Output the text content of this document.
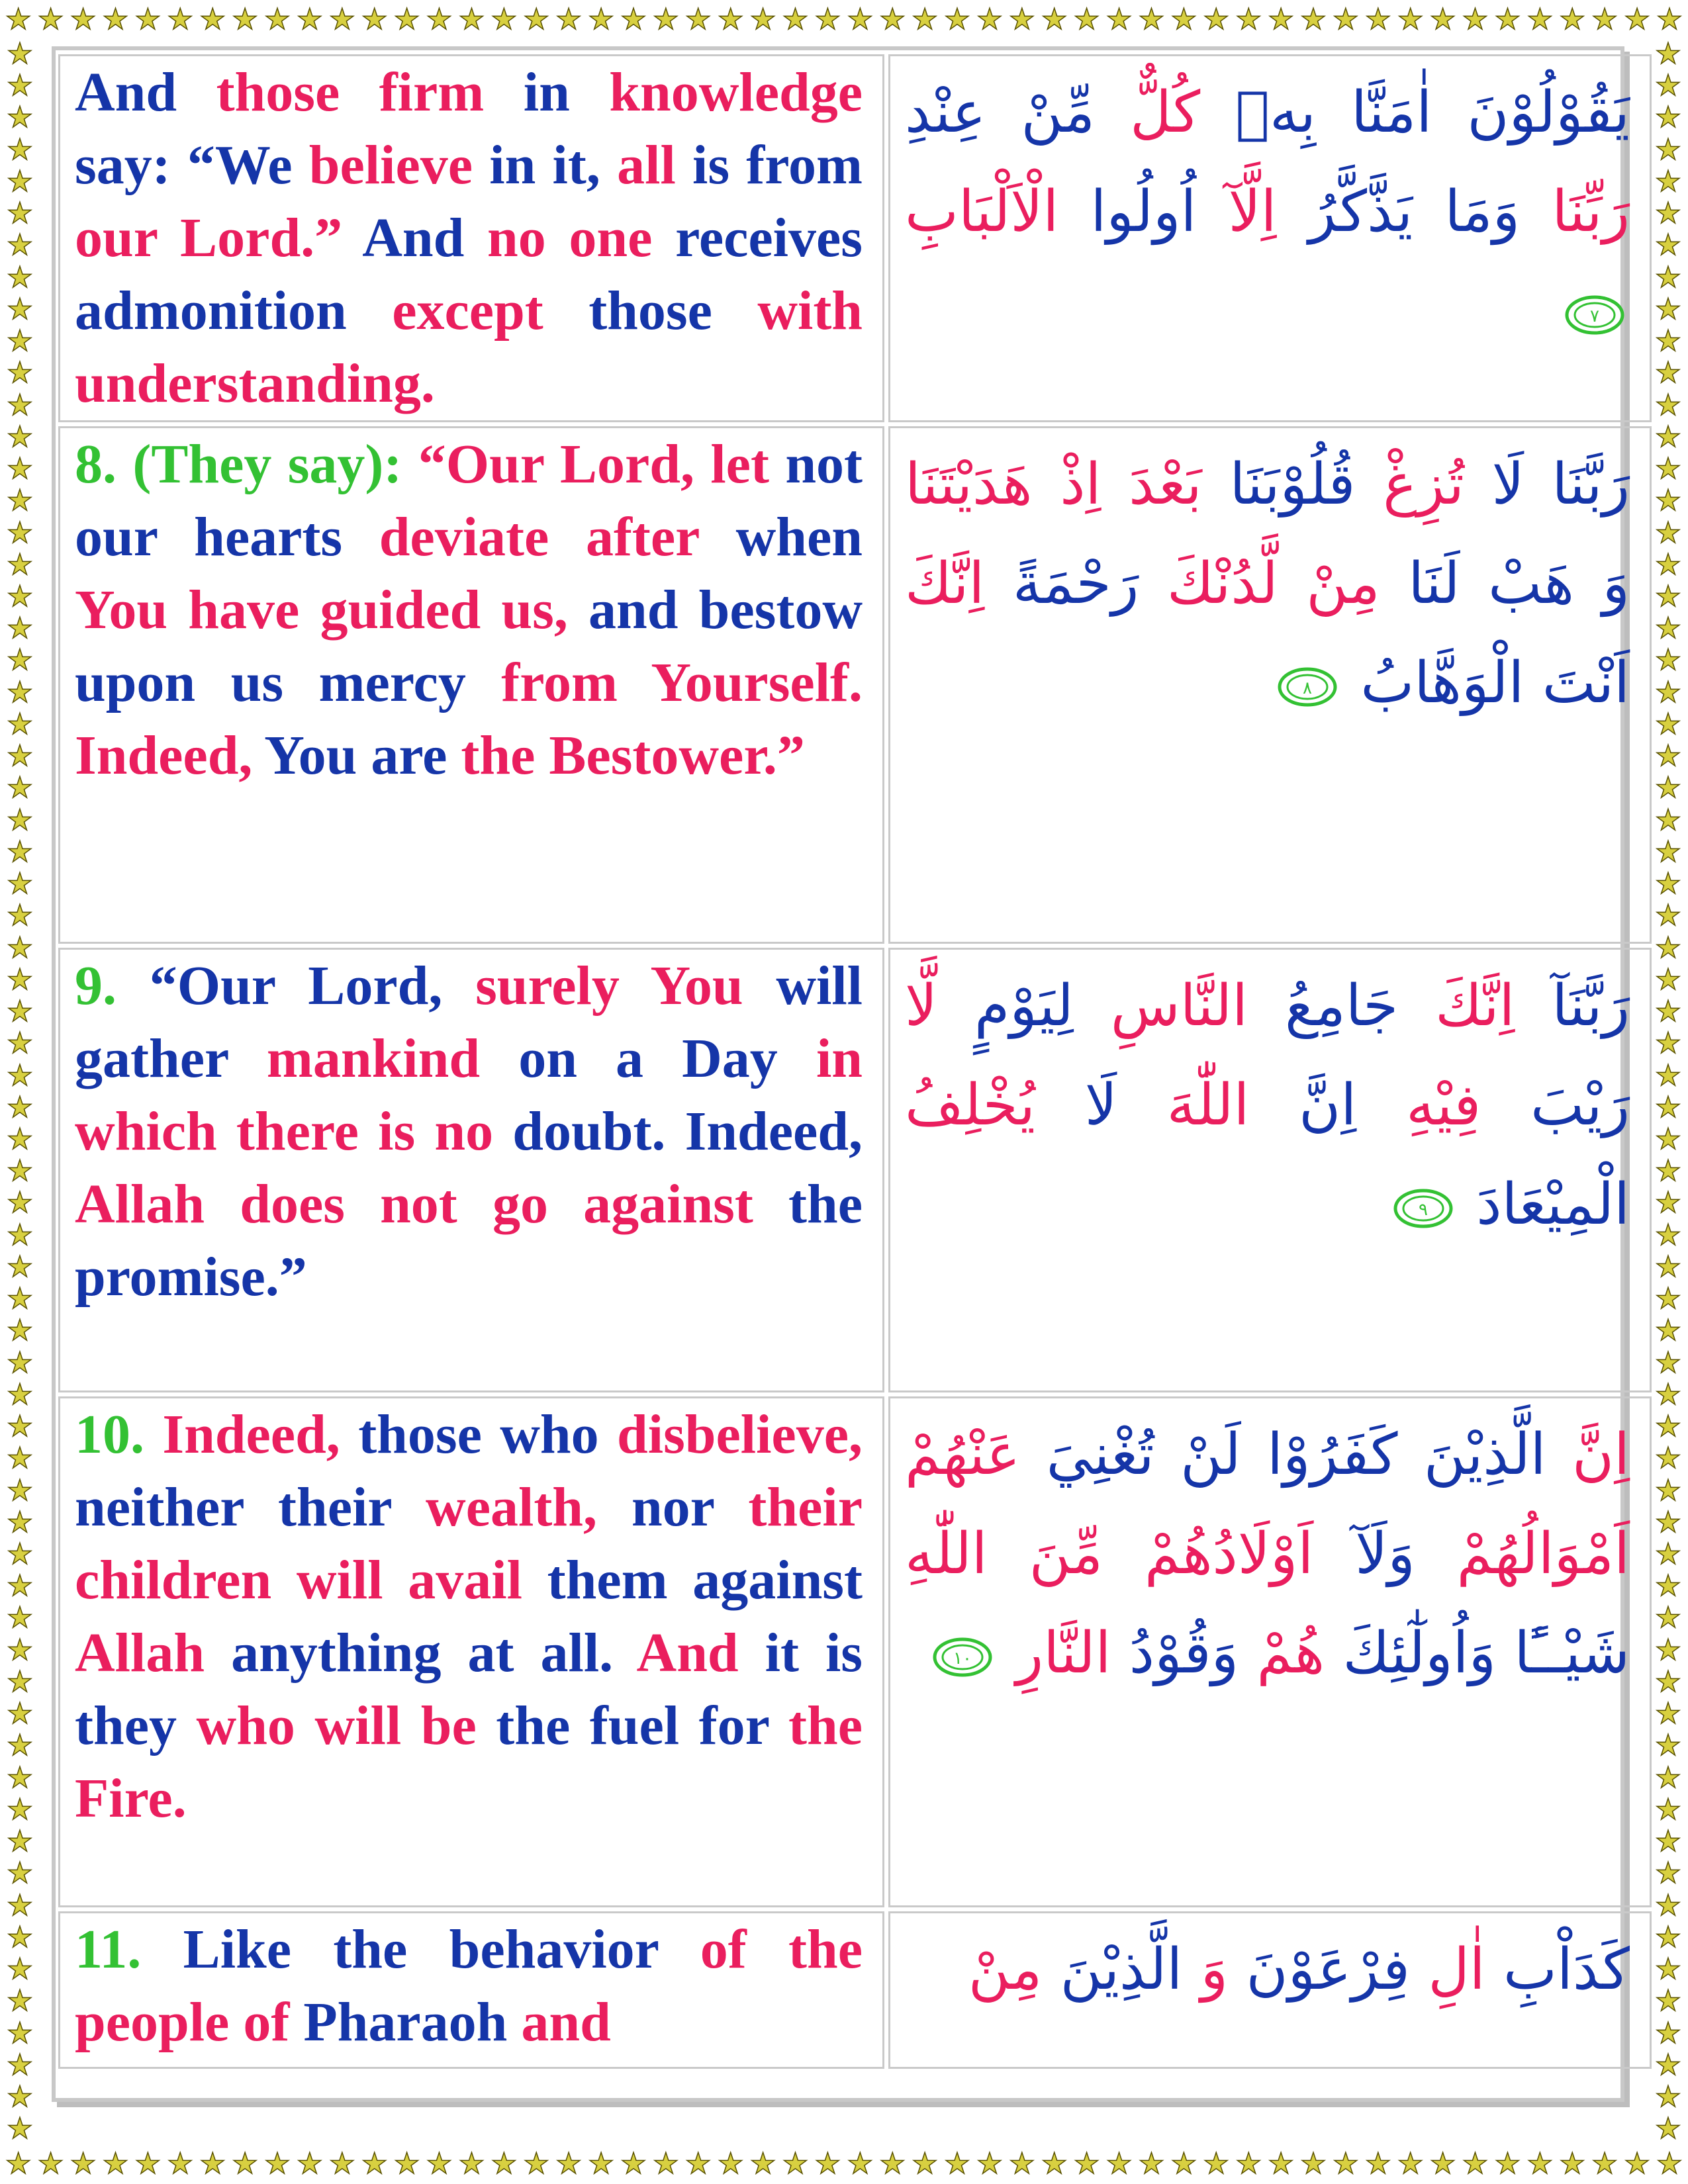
★ ★ ★ ★ ★ ★ ★ ★ ★ ★ ★ ★ ★ ★ ★ ★ ★ ★ ★ ★ ★ ★ ★ ★ ★ ★ ★ ★ ★ ★ ★ ★ ★ ★ ★ ★ ★ ★ ★ ★ ★ ★ ★ ★ ★ ★ ★ ★ ★ ★ ★ ★
★ ★ ★ ★ ★ ★ ★ ★ ★ ★ ★ ★ ★ ★ ★ ★ ★ ★ ★ ★ ★ ★ ★ ★ ★ ★ ★ ★ ★ ★ ★ ★ ★ ★ ★ ★ ★ ★ ★ ★ ★ ★ ★ ★ ★ ★ ★ ★ ★ ★ ★ ★
★
★
★
★
★
★
★
★
★
★
★
★
★
★
★
★
★
★
★
★
★
★
★
★
★
★
★
★
★
★
★
★
★
★
★
★
★
★
★
★
★
★
★
★
★
★
★
★
★
★
★
★
★
★
★
★
★
★
★
★
★
★
★
★
★
★
★
★
★
★
★
★
★
★
★
★
★
★
★
★
★
★
★
★
★
★
★
★
★
★
★
★
★
★
★
★
★
★
★
★
★
★
★
★
★
★
★
★
★
★
★
★
★
★
★
★
★
★
★
★
★
★
★
★
★
★
★
★
★
★
★
★

And those firm in knowledge say: “We believe in it, all is from our Lord.” And no one receives admonition except those with understanding.	يَقُوْلُوْنَ اٰمَنَّا بِهٖ كُلٌّ مِّنْ عِنْدِ رَبِّنَا وَمَا يَذَّكَّرُ اِلَّآ اُولُوا الْاَلْبَابِ
٧

8. (They say): “Our Lord, let not our hearts deviate after when You have guided us, and bestow upon us mercy from Yourself. Indeed, You are the Bestower.”	رَبَّنَا لَا تُزِغْ قُلُوْبَنَا بَعْدَ اِذْ هَدَيْتَنَا وَ هَبْ لَنَا مِنْ لَّدُنْكَ رَحْمَةً اِنَّكَ اَنْتَ الْوَهَّابُ
٨

9. “Our Lord, surely You will gather mankind on a Day in which there is no doubt. Indeed, Allah does not go against the promise.”	رَبَّنَآ اِنَّكَ جَامِعُ النَّاسِ لِيَوْمٍ لَّا رَيْبَ فِيْهِ اِنَّ اللّٰهَ لَا يُخْلِفُ الْمِيْعَادَ
٩

10. Indeed, those who disbelieve, neither their wealth, nor their children will avail them against Allah anything at all. And it is they who will be the fuel for the Fire.	اِنَّ الَّذِيْنَ كَفَرُوْا لَنْ تُغْنِيَ عَنْهُمْ اَمْوَالُهُمْ وَلَآ اَوْلَادُهُمْ مِّنَ اللّٰهِ شَيْــًٔا وَاُولٰٓئِكَ هُمْ وَقُوْدُ النَّارِ
١٠

11. Like the behavior of the people of Pharaoh and	كَدَاْبِ اٰلِ فِرْعَوْنَ وَ الَّذِيْنَ مِنْ
